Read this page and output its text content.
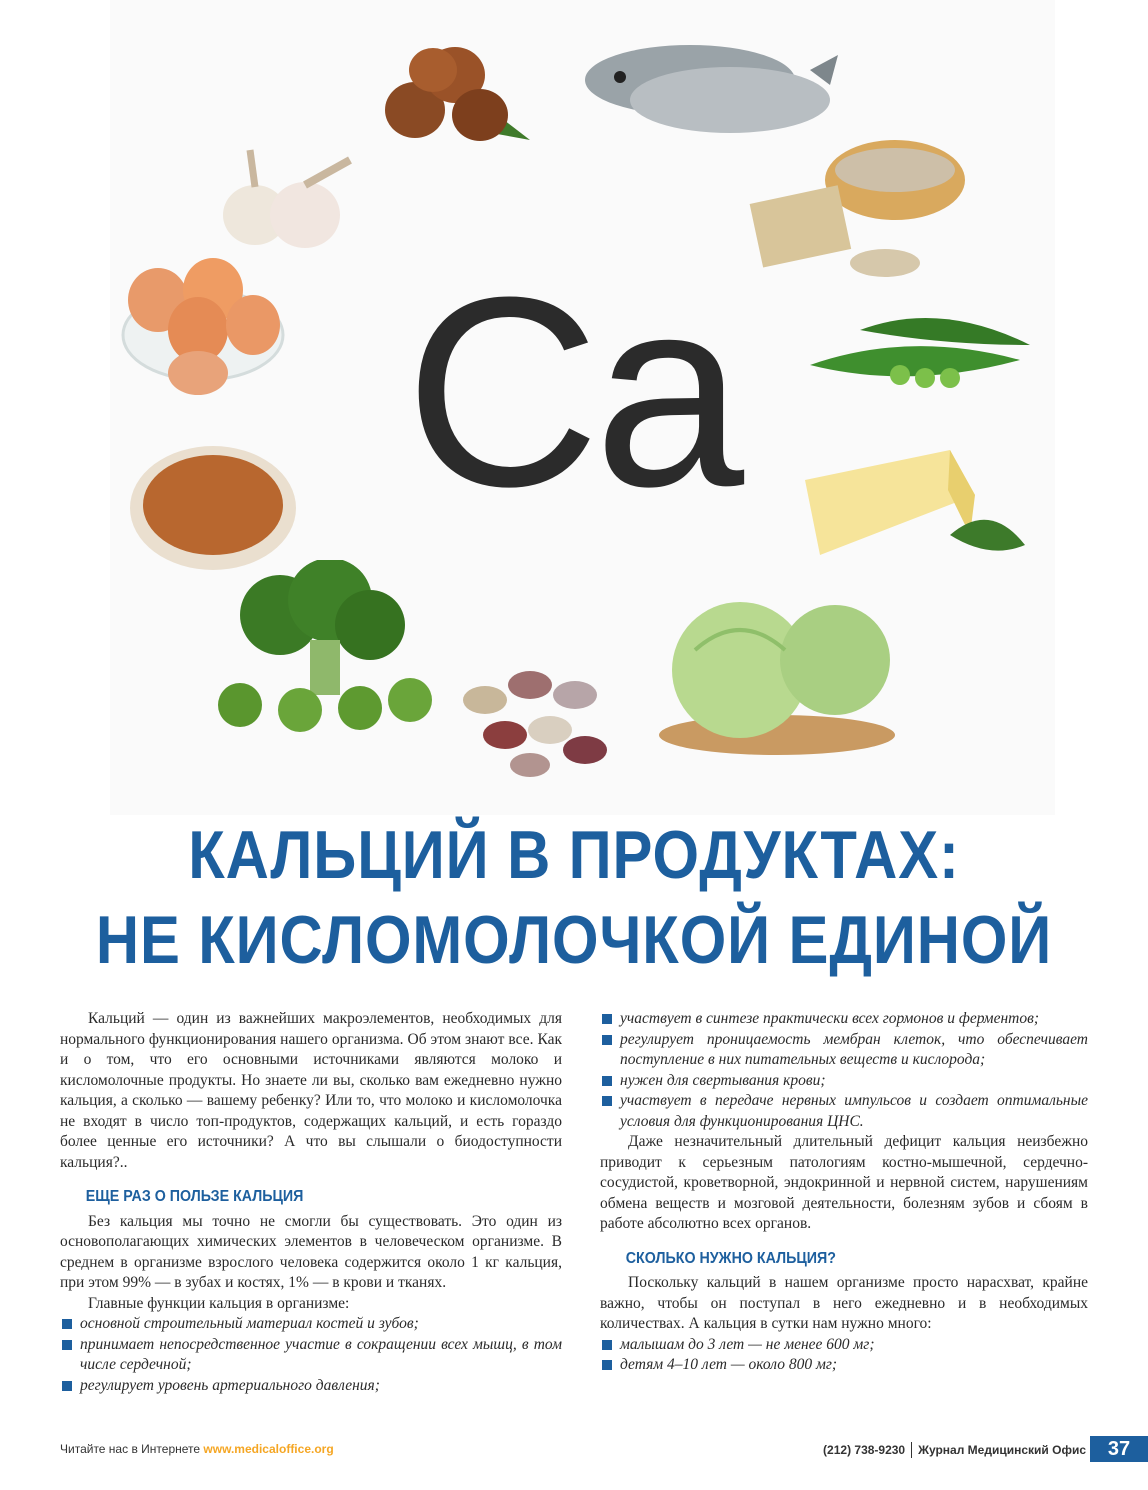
Ca
КАЛЬЦИЙ В ПРОДУКТАХ:
НЕ КИСЛОМОЛОЧКОЙ ЕДИНОЙ

Кальций — один из важнейших макроэлементов, необходимых для нормального функционирования нашего организма. Об этом знают все. Как и о том, что его основными источниками являются молоко и кисломолочные продукты. Но знаете ли вы, сколько вам ежедневно нужно кальция, а сколько — вашему ребенку? Или то, что молоко и кисломолочка не входят в число топ-продуктов, содержащих кальций, и есть гораздо более ценные его источники? А что вы слышали о биодоступности кальция?..

ЕЩЕ РАЗ О ПОЛЬЗЕ КАЛЬЦИЯ

Без кальция мы точно не смогли бы существовать. Это один из основополагающих химических элементов в человеческом организме. В среднем в организме взрослого человека содержится около 1 кг кальция, при этом 99% — в зубах и костях, 1% — в крови и тканях.

Главные функции кальция в организме:

основной строительный материал костей и зубов;
принимает непосредственное участие в сокращении всех мышц, в том числе сердечной;
регулирует уровень артериального давления;
участвует в синтезе практически всех гормонов и ферментов;
регулирует проницаемость мембран клеток, что обеспечивает поступление в них питательных веществ и кислорода;
нужен для свертывания крови;
участвует в передаче нервных импульсов и создает оптимальные условия для функционирования ЦНС.

Даже незначительный длительный дефицит кальция неизбежно приводит к серьезным патологиям костно-мышечной, сердечно-сосудистой, кроветворной, эндокринной и нервной систем, нарушениям обмена веществ и мозговой деятельности, болезням зубов и сбоям в работе абсолютно всех органов.

СКОЛЬКО НУЖНО КАЛЬЦИЯ?

Поскольку кальций в нашем организме просто нарасхват, крайне важно, чтобы он поступал в него ежедневно и в необходимых количествах. А кальция в сутки нам нужно много:

малышам до 3 лет — не менее 600 мг;
детям 4–10 лет — около 800 мг;
Читайте нас в Интернете www.medicaloffice.org	(212) 738-9230 Журнал Медицинский Офис	37
